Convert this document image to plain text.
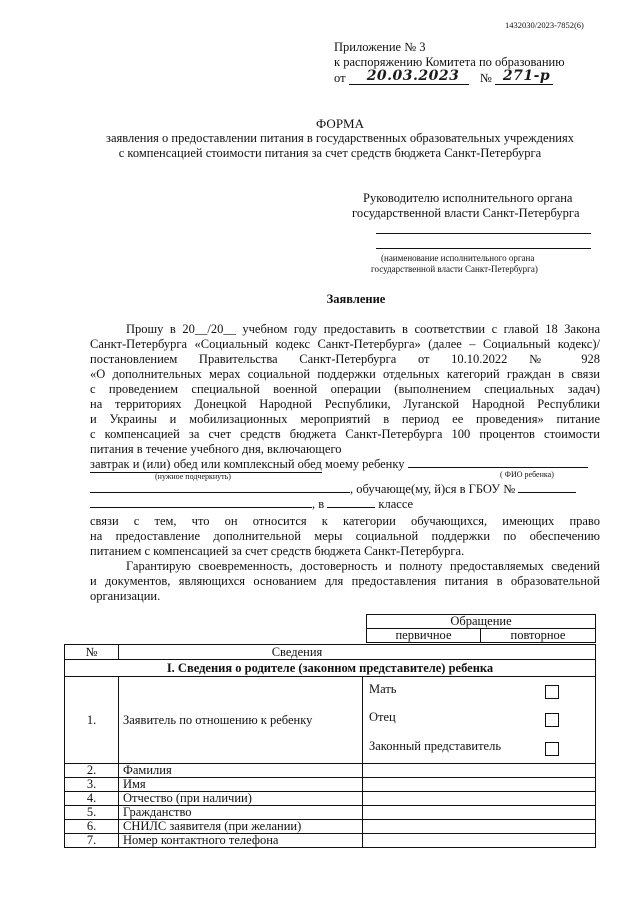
1432030/2023-7852(6)
Приложение № 3
к распоряжению Комитета по образованию
от 20.03.2023 № 271-р
ФОРМА
заявления о предоставлении питания в государственных образовательных учреждениях
с компенсацией стоимости питания за счет средств бюджета Санкт-Петербурга
Руководителю исполнительного органа
государственной власти Санкт-Петербурга
(наименование исполнительного органа
государственной власти Санкт-Петербурга)
Заявление
Прошу в 20__/20__ учебном году предоставить в соответствии с главой 18 Закона
Санкт-Петербурга «Социальный кодекс Санкт-Петербурга» (далее – Социальный кодекс)/
постановлением Правительства Санкт-Петербурга от 10.10.2022 № 928
«О дополнительных мерах социальной поддержки отдельных категорий граждан в связи
с проведением специальной военной операции (выполнением специальных задач)
на территориях Донецкой Народной Республики, Луганской Народной Республики
и Украины и мобилизационных мероприятий в период ее проведения» питание
с компенсацией за счет средств бюджета Санкт-Петербурга 100 процентов стоимости
питания в течение учебного дня, включающего
завтрак и (или) обед или комплексный обед моему ребенку
(нужное подчеркнуть)	( ФИО ребенка)
, обучающе(му, й)ся в ГБОУ №
, в	классе
связи с тем, что он относится к категории обучающихся, имеющих право
на предоставление дополнительной меры социальной поддержки по обеспечению
питанием с компенсацией за счет средств бюджета Санкт-Петербурга.
Гарантирую своевременность, достоверность и полноту предоставляемых сведений
и документов, являющихся основанием для предоставления питания в образовательной
организации.
Обращение
первичное	повторное
№	Сведения	
I. Сведения о родителе (законном представителе) ребенка		
1.	Заявитель по отношению к ребенку	Мать
Отец
Законный представитель

2.	Фамилия	
3.	Имя	
4.	Отчество (при наличии)	
5.	Гражданство	
6.	СНИЛС заявителя (при желании)	
7.	Номер контактного телефона	
